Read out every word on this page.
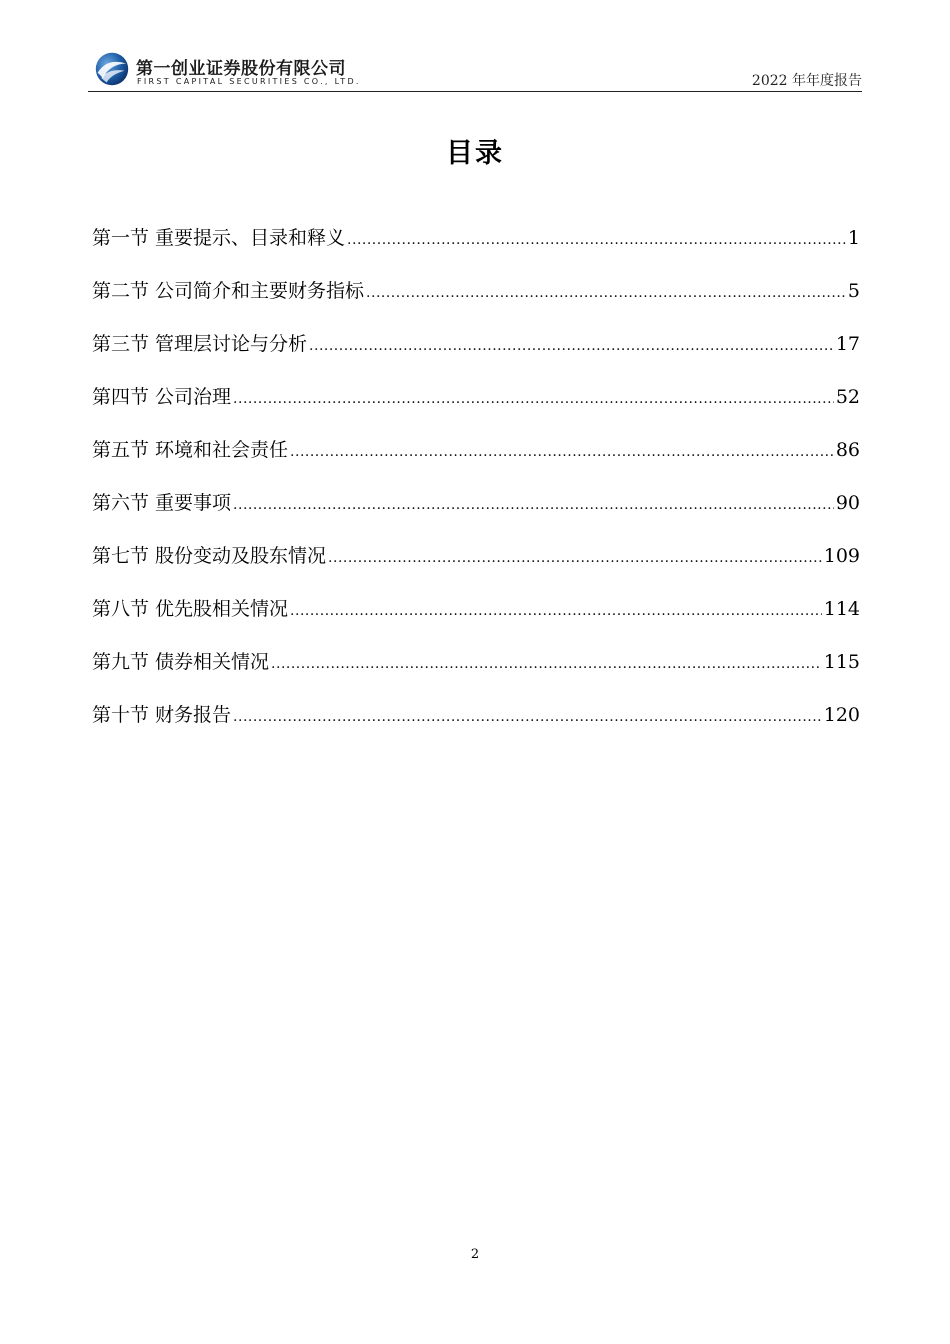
第一创业证券股份有限公司
FIRST CAPITAL SECURITIES CO., LTD.	2022 年年度报告
目录
第一节 重要提示、目录和释义 .....	1
第二节 公司简介和主要财务指标 .....	5
第三节 管理层讨论与分析 .....	17
第四节 公司治理 .....	52
第五节 环境和社会责任 .....	86
第六节 重要事项 .....	90
第七节 股份变动及股东情况 .....	109
第八节 优先股相关情况 .....	114
第九节 债券相关情况 .....	115
第十节 财务报告 .....	120
2
